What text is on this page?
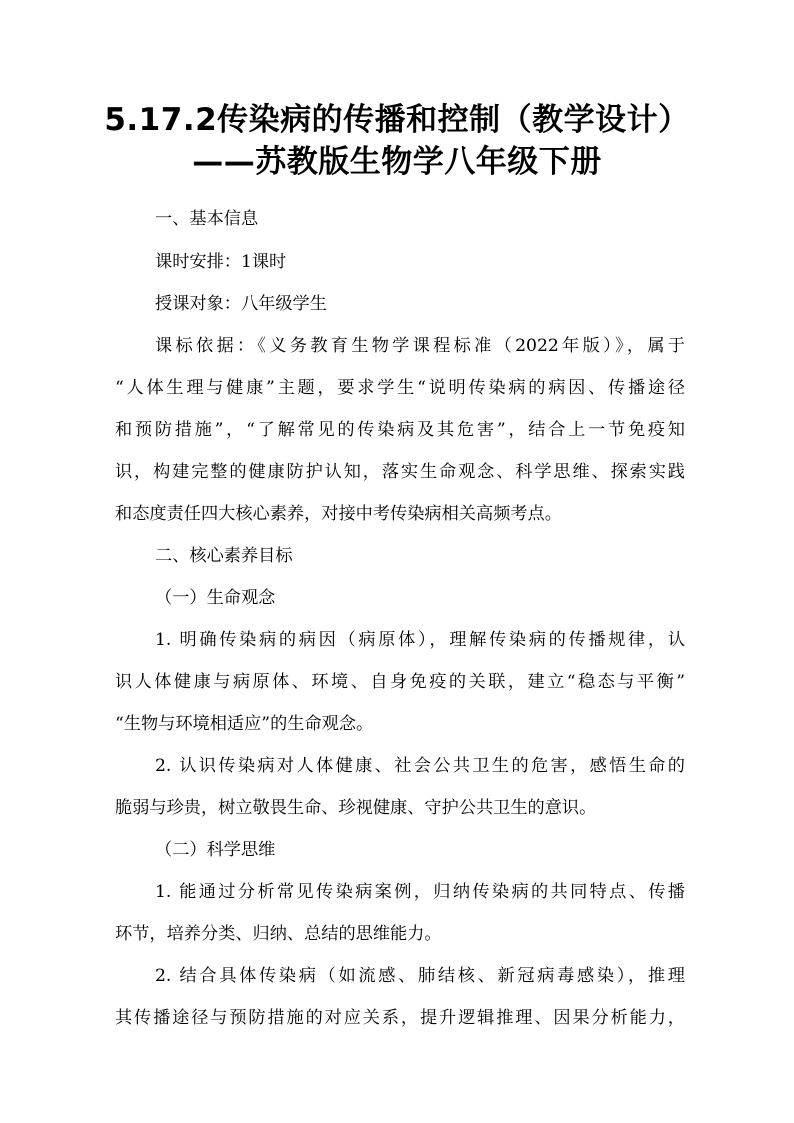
5.17.2传染病的传播和控制（教学设计）
——苏教版生物学八年级下册
一、基本信息
课时安排：1课时
授课对象：八年级学生
课标依据：《义务教育生物学课程标准（2022年版）》，属于
“人体生理与健康”主题，要求学生“说明传染病的病因、传播途径
和预防措施”，“了解常见的传染病及其危害”，结合上一节免疫知
识，构建完整的健康防护认知，落实生命观念、科学思维、探索实践
和态度责任四大核心素养，对接中考传染病相关高频考点。
二、核心素养目标
（一）生命观念
1. 明确传染病的病因（病原体），理解传染病的传播规律，认
识人体健康与病原体、环境、自身免疫的关联，建立“稳态与平衡”
“生物与环境相适应”的生命观念。
2. 认识传染病对人体健康、社会公共卫生的危害，感悟生命的
脆弱与珍贵，树立敬畏生命、珍视健康、守护公共卫生的意识。
（二）科学思维
1. 能通过分析常见传染病案例，归纳传染病的共同特点、传播
环节，培养分类、归纳、总结的思维能力。
2. 结合具体传染病（如流感、肺结核、新冠病毒感染），推理
其传播途径与预防措施的对应关系，提升逻辑推理、因果分析能力，
